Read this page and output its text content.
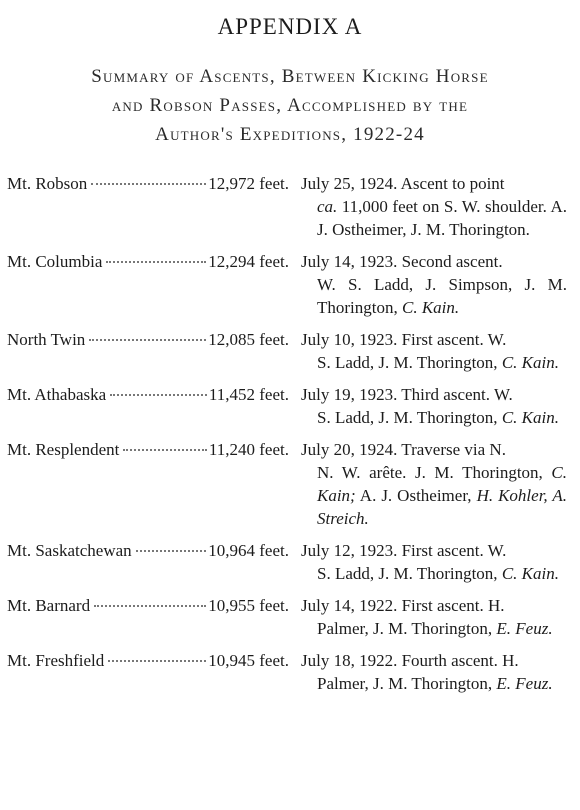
APPENDIX A
Summary of Ascents, Between Kicking Horse
and Robson Passes, Accomplished by the
Author's Expeditions, 1922-24
Mt. Robson	12,972 feet. July 25, 1924. Ascent to point
ca. 11,000 feet on S. W. shoulder. A. J. Ostheimer, J. M. Thorington.
Mt. Columbia	12,294 feet. July 14, 1923. Second ascent.
W. S. Ladd, J. Simpson, J. M. Thorington, C. Kain.
North Twin	12,085 feet. July 10, 1923. First ascent. W.
S. Ladd, J. M. Thorington, C. Kain.
Mt. Athabaska	11,452 feet. July 19, 1923. Third ascent. W.
S. Ladd, J. M. Thorington, C. Kain.
Mt. Resplendent	11,240 feet. July 20, 1924. Traverse via N.
N. W. arête. J. M. Thorington, C. Kain; A. J. Ostheimer, H. Kohler, A. Streich.
Mt. Saskatchewan	10,964 feet. July 12, 1923. First ascent. W.
S. Ladd, J. M. Thorington, C. Kain.
Mt. Barnard	10,955 feet. July 14, 1922. First ascent. H.
Palmer, J. M. Thorington, E. Feuz.
Mt. Freshfield	10,945 feet. July 18, 1922. Fourth ascent. H.
Palmer, J. M. Thorington, E. Feuz.
